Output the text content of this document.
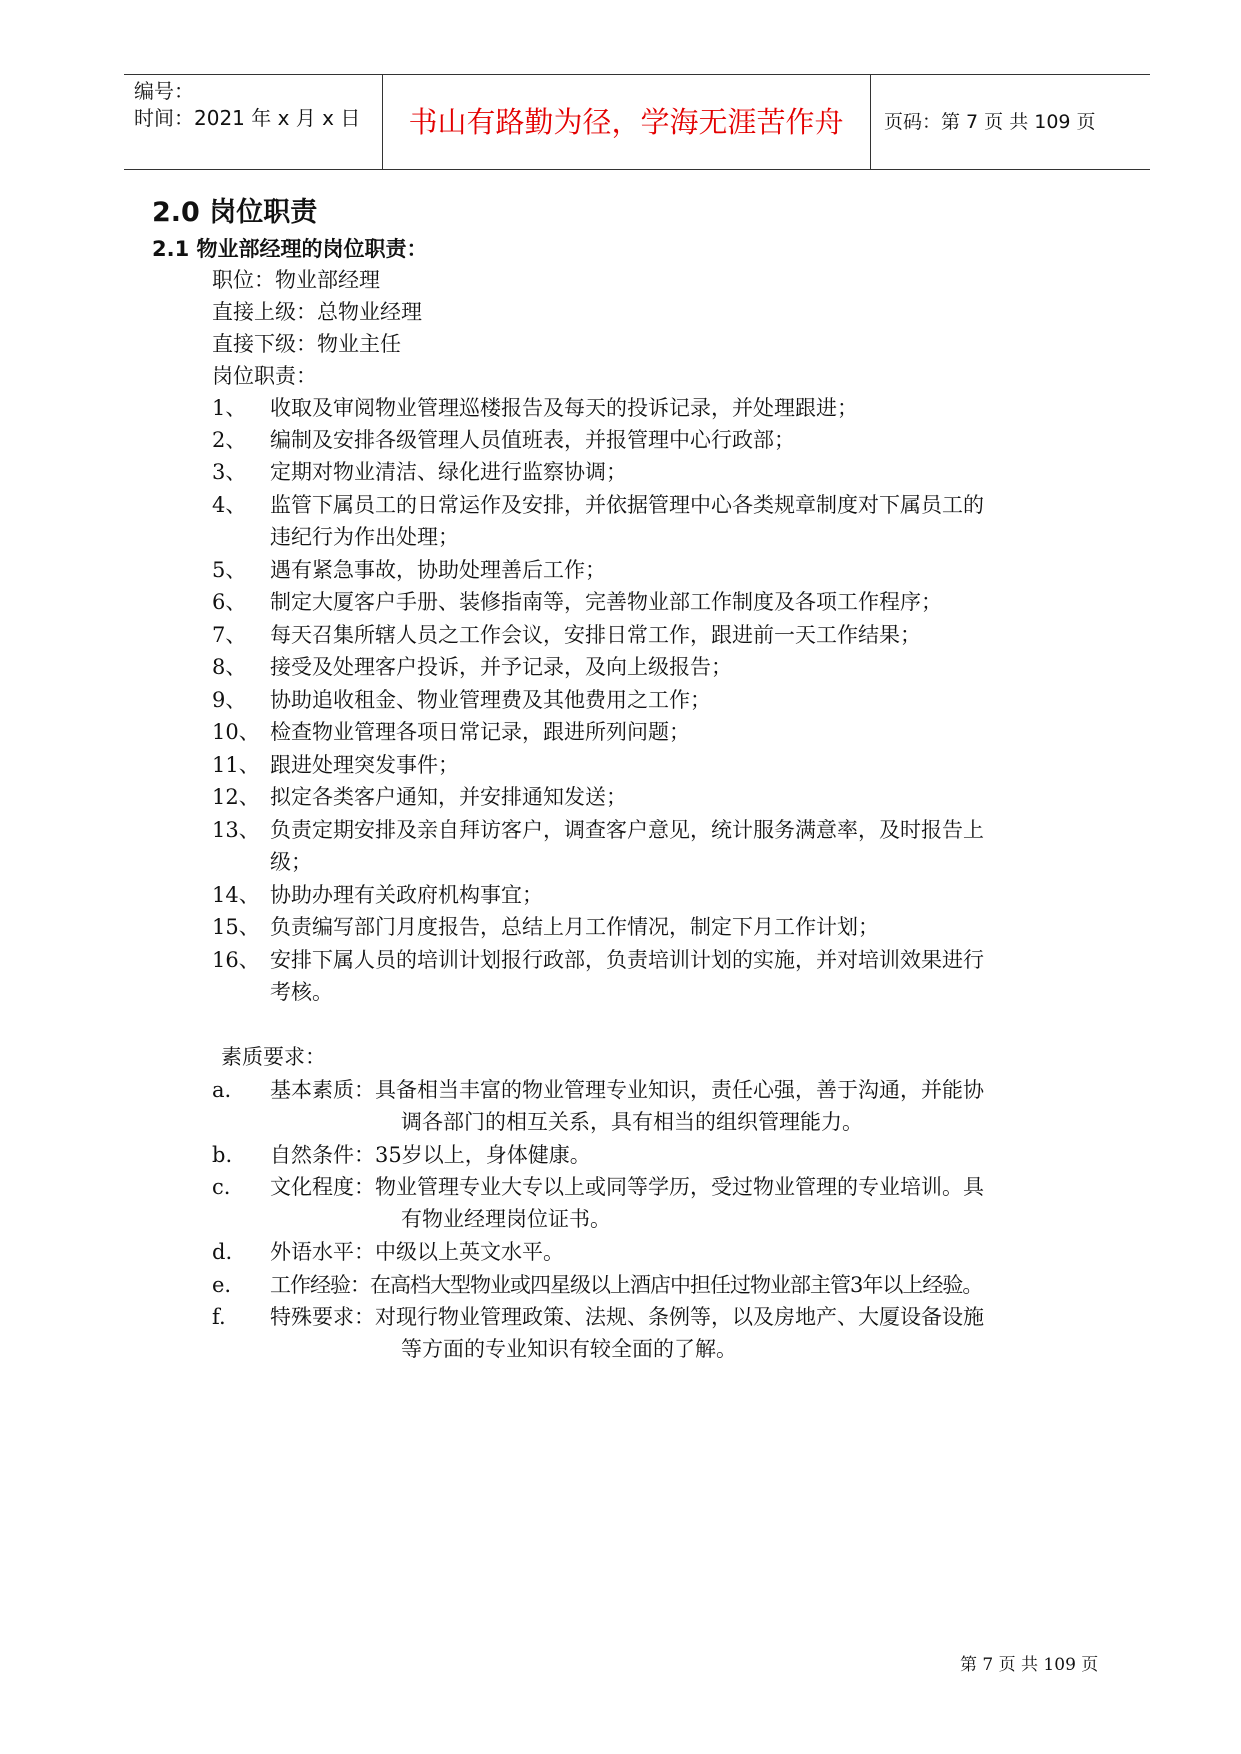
编号：
时间：2021 年 x 月 x 日	书山有路勤为径，学海无涯苦作舟	页码：第 7 页 共 109 页
2.0 岗位职责
2.1 物业部经理的岗位职责：
职位：物业部经理
直接上级：总物业经理
直接下级：物业主任
岗位职责：
1、 收取及审阅物业管理巡楼报告及每天的投诉记录，并处理跟进；
2、 编制及安排各级管理人员值班表，并报管理中心行政部；
3、 定期对物业清洁、绿化进行监察协调；
4、 监管下属员工的日常运作及安排，并依据管理中心各类规章制度对下属员工的
违纪行为作出处理；
5、 遇有紧急事故，协助处理善后工作；
6、 制定大厦客户手册、装修指南等，完善物业部工作制度及各项工作程序；
7、 每天召集所辖人员之工作会议，安排日常工作，跟进前一天工作结果；
8、 接受及处理客户投诉，并予记录，及向上级报告；
9、 协助追收租金、物业管理费及其他费用之工作；
10、 检查物业管理各项日常记录，跟进所列问题；
11、 跟进处理突发事件；
12、 拟定各类客户通知，并安排通知发送；
13、 负责定期安排及亲自拜访客户，调查客户意见，统计服务满意率，及时报告上
级；
14、 协助办理有关政府机构事宜；
15、 负责编写部门月度报告，总结上月工作情况，制定下月工作计划；
16、 安排下属人员的培训计划报行政部，负责培训计划的实施，并对培训效果进行
考核。
素质要求：
a. 基本素质：具备相当丰富的物业管理专业知识，责任心强，善于沟通，并能协
调各部门的相互关系，具有相当的组织管理能力。
b. 自然条件：35岁以上，身体健康。
c. 文化程度：物业管理专业大专以上或同等学历，受过物业管理的专业培训。具
有物业经理岗位证书。
d. 外语水平：中级以上英文水平。
e. 工作经验：在高档大型物业或四星级以上酒店中担任过物业部主管3年以上经验。
f. 特殊要求：对现行物业管理政策、法规、条例等，以及房地产、大厦设备设施
等方面的专业知识有较全面的了解。
第 7 页 共 109 页
